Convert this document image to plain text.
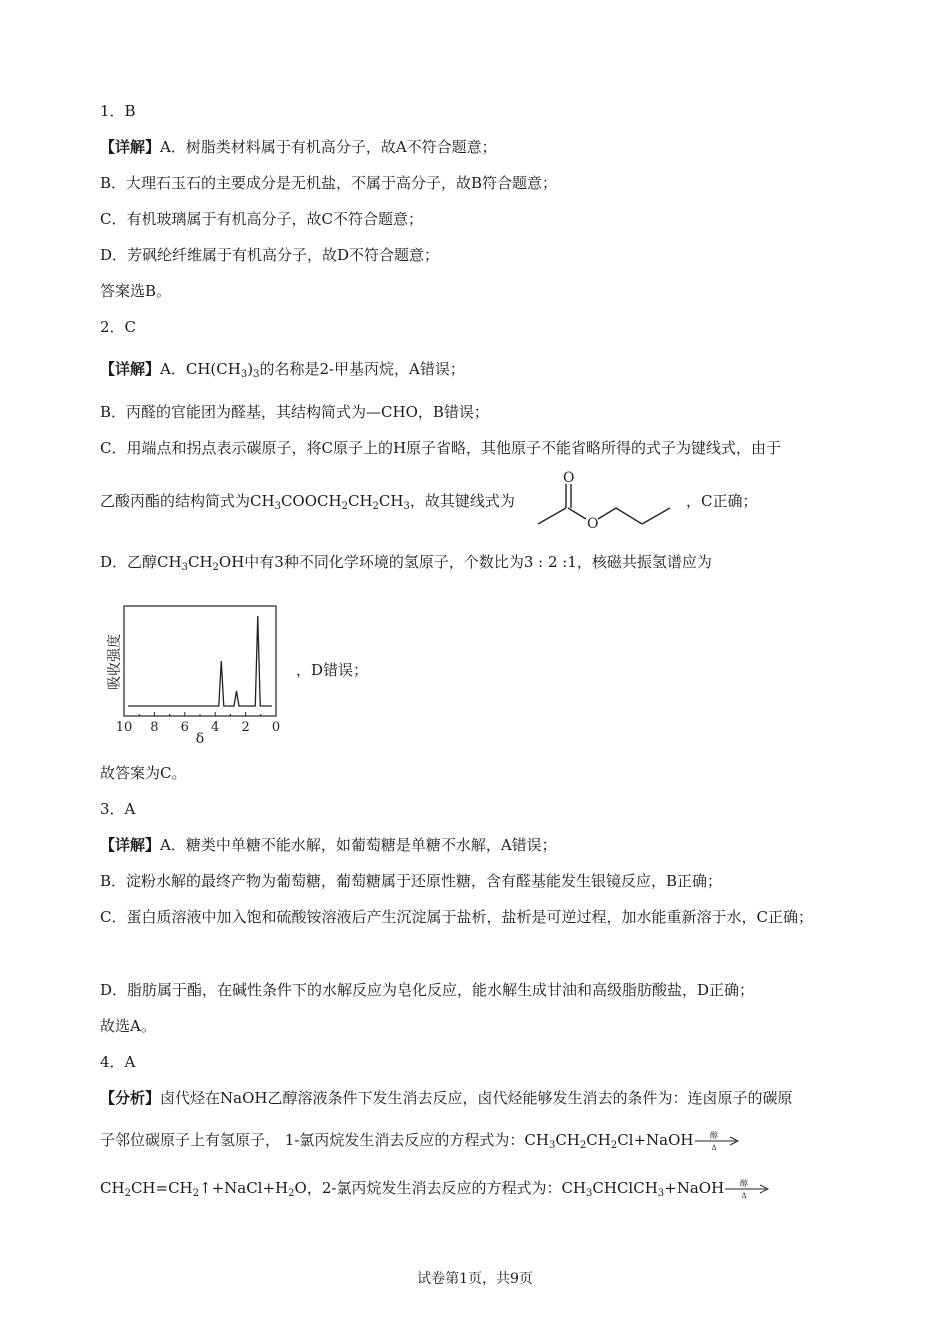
1．B
【详解】A．树脂类材料属于有机高分子，故A不符合题意；
B．大理石玉石的主要成分是无机盐，不属于高分子，故B符合题意；
C．有机玻璃属于有机高分子，故C不符合题意；
D．芳砜纶纤维属于有机高分子，故D不符合题意；
答案选B。
2．C
【详解】A．$CH(CH_3)_3$的名称是2-甲基丙烷，A错误；
B．丙醛的官能团为醛基，其结构简式为—CHO，B错误；
C．用端点和拐点表示碳原子，将C原子上的H原子省略，其他原子不能省略所得的式子为键线式，由于
乙酸丙酯的结构简式为$CH_3COOCH_2CH_2CH_3$，故其键线式为
O
O
，C正确；
D．乙醇$CH_3CH_2OH$中有3种不同化学环境的氢原子，个数比为3 : 2 :1，核磁共振氢谱应为
吸收强度
10 8 6 4 2 0
δ
，D错误；
故答案为C。
3．A
【详解】A．糖类中单糖不能水解，如葡萄糖是单糖不水解，A错误；
B．淀粉水解的最终产物为葡萄糖，葡萄糖属于还原性糖，含有醛基能发生银镜反应，B正确；
C．蛋白质溶液中加入饱和硫酸铵溶液后产生沉淀属于盐析，盐析是可逆过程，加水能重新溶于水，C正确；
D．脂肪属于酯，在碱性条件下的水解反应为皂化反应，能水解生成甘油和高级脂肪酸盐，D正确；
故选A。
4．A
【分析】卤代烃在NaOH乙醇溶液条件下发生消去反应，卤代烃能够发生消去的条件为：连卤原子的碳原
子邻位碳原子上有氢原子， 1-氯丙烷发生消去反应的方程式为：$CH_3CH_2CH_2Cl+NaOH$ 醇
Δ
$CH_2CH=CH_2↑+NaCl+H_2O$，2-氯丙烷发生消去反应的方程式为：$CH_3CHClCH_3+NaOH$ 醇
Δ
试卷第1页，共9页
